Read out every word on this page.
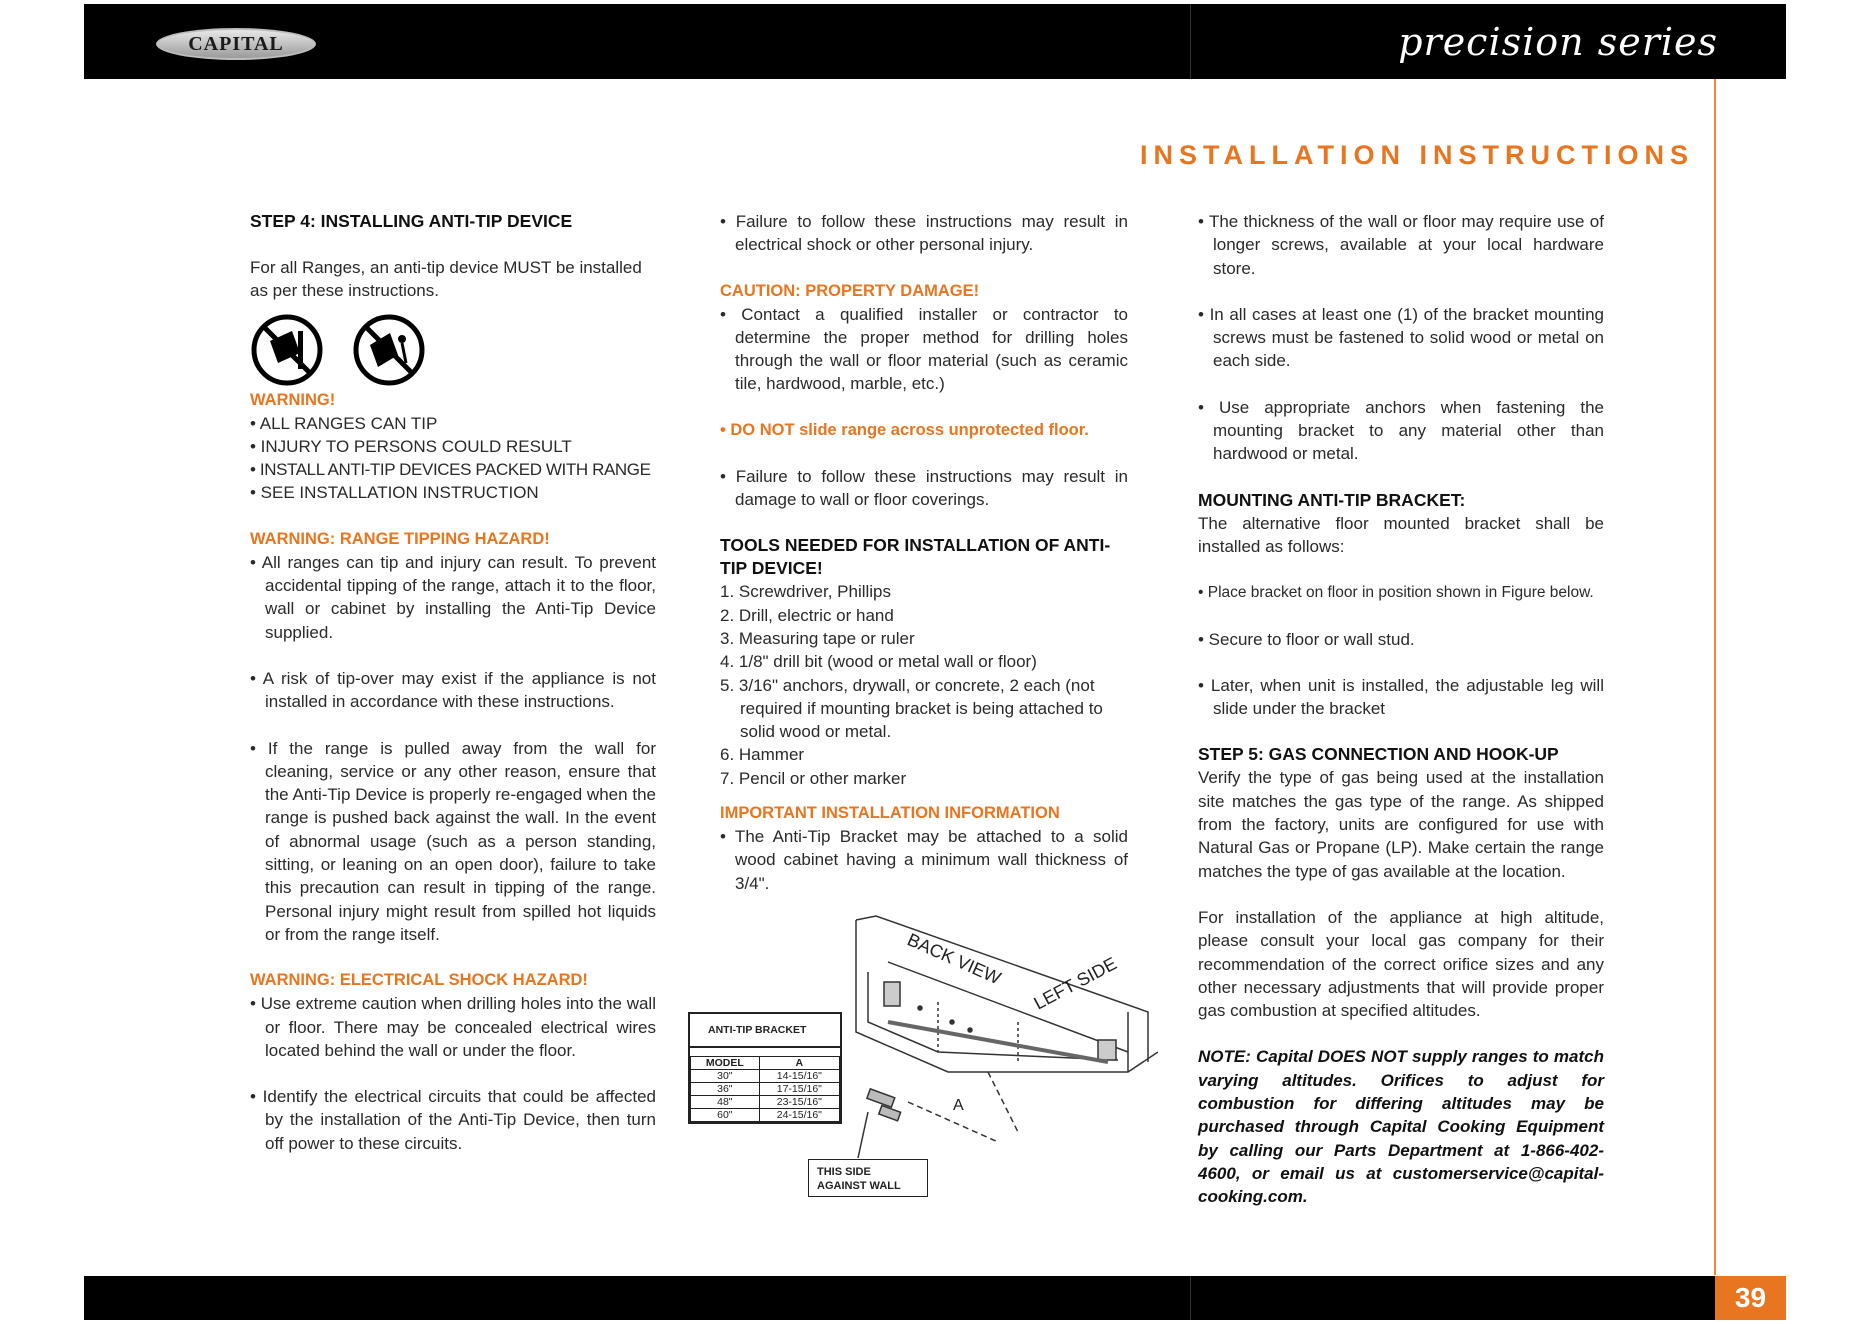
CAPITAL	precision series
INSTALLATION INSTRUCTIONS
STEP 4: INSTALLING ANTI-TIP DEVICE

For all Ranges, an anti-tip device MUST be installed as per these instructions.

WARNING!

• ALL RANGES CAN TIP

• INJURY TO PERSONS COULD RESULT

• INSTALL ANTI-TIP DEVICES PACKED WITH RANGE

• SEE INSTALLATION INSTRUCTION

WARNING: RANGE TIPPING HAZARD!

• All ranges can tip and injury can result. To prevent accidental tipping of the range, attach it to the floor, wall or cabinet by installing the Anti-Tip Device supplied.

• A risk of tip-over may exist if the appliance is not installed in accordance with these instructions.

• If the range is pulled away from the wall for cleaning, service or any other reason, ensure that the Anti-Tip Device is properly re-engaged when the range is pushed back against the wall. In the event of abnormal usage (such as a person standing, sitting, or leaning on an open door), failure to take this precaution can result in tipping of the range. Personal injury might result from spilled hot liquids or from the range itself.

WARNING: ELECTRICAL SHOCK HAZARD!

• Use extreme caution when drilling holes into the wall or floor. There may be concealed electrical wires located behind the wall or under the floor.

• Identify the electrical circuits that could be affected by the installation of the Anti-Tip Device, then turn off power to these circuits.

• Failure to follow these instructions may result in electrical shock or other personal injury.

CAUTION: PROPERTY DAMAGE!

• Contact a qualified installer or contractor to determine the proper method for drilling holes through the wall or floor material (such as ceramic tile, hardwood, marble, etc.)

• DO NOT slide range across unprotected floor.

• Failure to follow these instructions may result in damage to wall or floor coverings.

TOOLS NEEDED FOR INSTALLATION OF ANTI-TIP DEVICE!

1. Screwdriver, Phillips

2. Drill, electric or hand

3. Measuring tape or ruler

4. 1/8" drill bit (wood or metal wall or floor)

5. 3/16" anchors, drywall, or concrete, 2 each (not required if mounting bracket is being attached to solid wood or metal.

6. Hammer

7. Pencil or other marker

IMPORTANT INSTALLATION INFORMATION

• The Anti-Tip Bracket may be attached to a solid wood cabinet having a minimum wall thickness of 3/4".

BACK VIEW LEFT SIDE
A
ANTI-TIP BRACKET
MODEL	A
30"	14-15/16"
36"	17-15/16"
48"	23-15/16"
60"	24-15/16"
THIS SIDE
AGAINST WALL

• The thickness of the wall or floor may require use of longer screws, available at your local hardware store.

• In all cases at least one (1) of the bracket mounting screws must be fastened to solid wood or metal on each side.

• Use appropriate anchors when fastening the mounting bracket to any material other than hardwood or metal.

MOUNTING ANTI-TIP BRACKET:

The alternative floor mounted bracket shall be installed as follows:

• Place bracket on floor in position shown in Figure below.

• Secure to floor or wall stud.

• Later, when unit is installed, the adjustable leg will slide under the bracket

STEP 5: GAS CONNECTION AND HOOK-UP

Verify the type of gas being used at the installation site matches the gas type of the range. As shipped from the factory, units are configured for use with Natural Gas or Propane (LP). Make certain the range matches the type of gas available at the location.

For installation of the appliance at high altitude, please consult your local gas company for their recommendation of the correct orifice sizes and any other necessary adjustments that will provide proper gas combustion at specified altitudes.

NOTE: Capital DOES NOT supply ranges to match varying altitudes. Orifices to adjust for combustion for differing altitudes may be purchased through Capital Cooking Equipment by calling our Parts Department at 1-866-402-4600, or email us at customerservice@capital-cooking.com.

39
